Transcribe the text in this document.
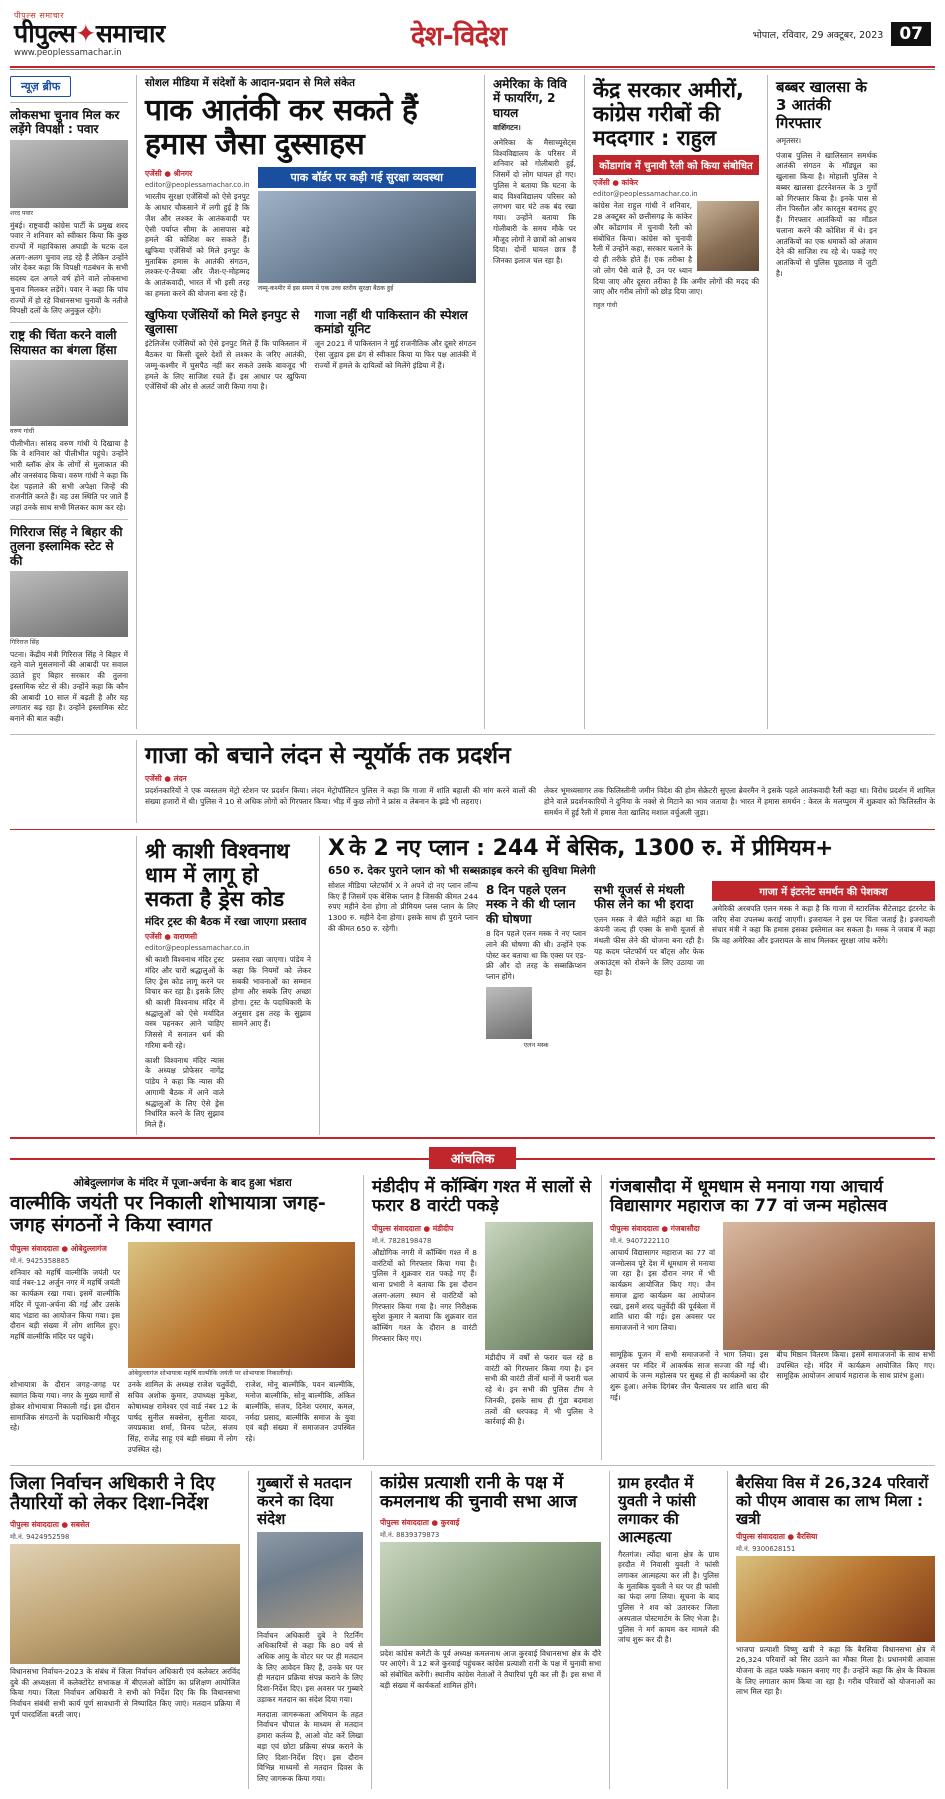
पीपुल्स समाचार
पीपुल्स✦समाचार
www.peoplessamachar.in
देश-विदेश	भोपाल, रविवार, 29 अक्टूबर, 2023 07
न्यूज़ ब्रीफ
लोकसभा चुनाव मिल कर लड़ेंगे विपक्षी : पवार
शरद पवार

मुंबई। राष्ट्रवादी कांग्रेस पार्टी के प्रमुख शरद पवार ने शनिवार को स्वीकार किया कि कुछ राज्यों में महाविकास अघाड़ी के घटक दल अलग-अलग चुनाव लड़ रहे हैं लेकिन उन्होंने जोर देकर कहा कि विपक्षी गठबंधन के सभी सदस्य दल अगले वर्ष होने वाले लोकसभा चुनाव मिलकर लड़ेंगे। पवार ने कहा कि पांच राज्यों में हो रहे विधानसभा चुनावों के नतीजे विपक्षी दलों के लिए अनुकूल रहेंगे।

राष्ट्र की चिंता करने वाली सियासत का बंगला हिंसा
वरुण गांधी

पीलीभीत। सांसद वरुण गांधी ये दिखाया है कि वे शनिवार को पीलीभीत पहुंचे। उन्होंने भारी ब्लॉक क्षेत्र के लोगों से मुलाकात की और जनसंवाद किया। वरुण गांधी ने कहा कि देश पहलाते की सभी अपेक्षा जिन्हें की राजनीति करते हैं। वह उस स्थिति पर जाते हैं जहां उनके साथ सभी मिलकर काम कर रहे।

गिरिराज सिंह ने बिहार की तुलना इस्लामिक स्टेट से की
गिरिराज सिंह

पटना। केंद्रीय मंत्री गिरिराज सिंह ने बिहार में रहने वाले मुसलमानों की आबादी पर सवाल उठाते हुए बिहार सरकार की तुलना इस्लामिक स्टेट से की। उन्होंने कहा कि कौन की आबादी 10 साल में बढ़ती है और यह लगातार बढ़ रहा है। उन्होंने इस्लामिक स्टेट बनाने की बात कही।

सोशल मीडिया में संदेशों के आदान-प्रदान से मिले संकेत
पाक आतंकी कर सकते हैं हमास जैसा दुस्साहस
एजेंसी ● श्रीनगर
editor@peoplessamachar.co.in

भारतीय सुरक्षा एजेंसियों को ऐसे इनपुट के आधार चौकसाने में लगी हुई है कि जैश और लश्कर के आतंकवादी पर ऐसी पर्याप्त सीमा के आसपास बड़े हमले की कोशिश कर सकते हैं। खुफिया एजेंसियों को मिले इनपुट के मुताबिक हमास के आतंकी संगठन, लश्कर-ए-तैयबा और जैश-ए-मोहम्मद के आतंकवादी, भारत में भी इसी तरह का हमला करने की योजना बना रहे हैं।

पाक बॉर्डर पर कड़ी गई सुरक्षा व्यवस्था
जम्मू-कश्मीर में इस समय में एक उच्च स्तरीय सुरक्षा बैठक हुई
खुफिया एजेंसियों को मिले इनपुट से खुलासा

इंटेलिजेंस एजेंसियों को ऐसे इनपुट मिले हैं कि पाकिस्तान में बैठकर या किसी दूसरे देशों से लश्कर के जरिए आतंकी, जम्मू-कश्मीर में घुसपैठ नहीं कर सकते उसके बावजूद भी हमले के लिए साजिश रचते हैं। इस आधार पर खुफिया एजेंसियों की ओर से अलर्ट जारी किया गया है।

गाजा नहीं थी पाकिस्तान की स्पेशल कमांडो यूनिट

जून 2021 में पाकिस्तान ने मुई राजनीतिक और दूसरे संगठन ऐसा जुड़ाव इस ढंग से स्वीकार किया या फिर पक्ष आतंकी में राज्यों में हमले के दायित्वों को मिलेंगे इंडिया में हैं।

अमेरिका के विवि में फायरिंग, 2 घायल

वाशिंगटन।

अमेरिका के मैसाच्यूसेट्स विश्वविद्यालय के परिसर में शनिवार को गोलीबारी हुई, जिसमें दो लोग घायल हो गए। पुलिस ने बताया कि घटना के बाद विश्वविद्यालय परिसर को लगभग चार घंटे तक बंद रखा गया। उन्होंने बताया कि गोलीबारी के समय मौके पर मौजूद लोगों ने छात्रों को आश्रय दिया। दोनों घायल छात्र हैं जिनका इलाज चल रहा है।

केंद्र सरकार अमीरों, कांग्रेस गरीबों की मददगार : राहुल
कोंडागांव में चुनावी रैली को किया संबोधित
एजेंसी ● कांकेर
editor@peoplessamachar.co.in

कांग्रेस नेता राहुल गांधी ने शनिवार, 28 अक्टूबर को छत्तीसगढ़ के कांकेर और कोंडागांव में चुनावी रैली को संबोधित किया। कांग्रेस को चुनावी रैली में उन्होंने कहा, सरकार चलाने के दो ही तरीके होते हैं। एक तरीका है जो लोग पैसे वाले हैं, उन पर ध्यान दिया जाए और दूसरा तरीका है कि अमीर लोगों की मदद की जाए और गरीब लोगों को छोड़ दिया जाए।

राहुल गांधी
बब्बर खालसा के 3 आतंकी गिरफ्तार

अमृतसर।

पंजाब पुलिस ने खालिस्तान समर्थक आतंकी संगठन के मॉड्यूल का खुलासा किया है। मोहाली पुलिस ने बब्बर खालसा इंटरनेशनल के 3 गुर्गों को गिरफ्तार किया है। इनके पास से तीन पिस्तौल और कारतूस बरामद हुए हैं। गिरफ्तार आतंकियों का मॉडल चलाना करने की कोशिश में थे। इन आतंकियों का एक धमाकों को अंजाम देने की साजिश रच रहे थे। पकड़े गए आतंकियों से पुलिस पूछताछ में जुटी है।

गाजा को बचाने लंदन से न्यूयॉर्क तक प्रदर्शन
एजेंसी ● लंदन

प्रदर्शनकारियों ने एक व्यस्ततम मेट्रो स्टेशन पर प्रदर्शन किया। लंदन मेट्रोपॉलिटन पुलिस ने कहा कि गाजा में शांति बहाली की मांग करने वालों की संख्या हजारों में थी। पुलिस ने 10 से अधिक लोगों को गिरफ्तार किया। भीड़ में कुछ लोगों ने फ्रांस व लेबनान के झंडे भी लहराए।

लेकर भूमध्यसागर तक फिलिस्तीनी जमीन विदेश की होम सेक्रेटरी सुएला ब्रेवरमैन ने इसके पहले आतंकवादी रैली कहा था। विरोध प्रदर्शन में शामिल होने वाले प्रदर्शनकारियों ने दुनिया के नक्शे से मिटाने का भाव जताया है। भारत में हमास समर्थन : केरल के मलप्पुरम में शुक्रवार को फिलिस्तीन के समर्थन में हुई रैली में हमास नेता खालिद मशाल वर्चुअली जुड़ा।

श्री काशी विश्वनाथ धाम में लागू हो सकता है ड्रेस कोड
मंदिर ट्रस्ट की बैठक में रखा जाएगा प्रस्ताव
एजेंसी ● वाराणसी
editor@peoplessamachar.co.in

श्री काशी विश्वनाथ मंदिर ट्रस्ट मंदिर और चारों श्रद्धालुओं के लिए ड्रेस कोड लागू करने पर विचार कर रहा है। इसके लिए श्री काशी विश्वनाथ मंदिर में श्रद्धालुओं को ऐसे मर्यादित वस्त्र पहनकर आने चाहिए जिससे में सनातन धर्म की गरिमा बनी रहे।

काशी विश्वनाथ मंदिर न्यास के अध्यक्ष प्रोफेसर नागेंद्र पांडेय ने कहा कि न्यास की आगामी बैठक में आने वाले श्रद्धालुओं के लिए ऐसे ड्रेस निर्धारित करने के लिए सुझाव मिले हैं।

प्रस्ताव रखा जाएगा। पांडेय ने कहा कि नियमों को लेकर सबकी भावनाओं का सम्मान होगा और सबके लिए अच्छा होगा। ट्रस्ट के पदाधिकारी के अनुसार इस तरह के सुझाव सामने आए हैं।

X के 2 नए प्लान : 244 में बेसिक, 1300 रु. में प्रीमियम+
650 रु. देकर पुराने प्लान को भी सब्सक्राइब करने की सुविधा मिलेगी

सोशल मीडिया प्लेटफॉर्म X ने अपने दो नए प्लान लॉन्च किए हैं जिसमें एक बेसिक प्लान है जिसकी कीमत 244 रुपए महीने देना होगा तो प्रीमियम प्लस प्लान के लिए 1300 रु. महीने देना होगा। इसके साथ ही पुराने प्लान की कीमत 650 रु. रहेगी।

8 दिन पहले एलन मस्क ने की थी प्लान की घोषणा

8 दिन पहले एलन मस्क ने नए प्लान लाने की घोषणा की थी। उन्होंने एक पोस्ट कर बताया था कि एक्स पर एड-फ्री और दो तरह के सब्सक्रिप्शन प्लान होंगे।

एलन मस्क
सभी यूजर्स से मंथली फीस लेने का भी इरादा

एलन मस्क ने बीते महीने कहा था कि कंपनी जल्द ही एक्स के सभी यूजर्स से मंथली फीस लेने की योजना बना रही है। यह कदम प्लेटफॉर्म पर बॉट्स और फेक अकाउंट्स को रोकने के लिए उठाया जा रहा है।

गाजा में इंटरनेट समर्थन की पेशकश

अमेरिकी अरबपति एलन मस्क ने कहा है कि गाजा में स्टारलिंक सैटेलाइट इंटरनेट के जरिए सेवा उपलब्ध कराई जाएगी। इजरायल ने इस पर चिंता जताई है। इजरायली संचार मंत्री ने कहा कि हमास इसका इस्तेमाल कर सकता है। मस्क ने जवाब में कहा कि वह अमेरिका और इजरायल के साथ मिलकर सुरक्षा जांच करेंगे।

आंचलिक
ओबेदुल्लागंज के मंदिर में पूजा-अर्चना के बाद हुआ भंडारा
वाल्मीकि जयंती पर निकाली शोभायात्रा जगह-जगह संगठनों ने किया स्वागत
पीपुल्स संवाददाता ● ओबेदुल्लागंज
मो.नं. 9425358885

शनिवार को महर्षि वाल्मीकि जयंती पर वार्ड नंबर-12 अर्जुन नगर में महर्षि जयंती का कार्यक्रम रखा गया। इसमें वाल्मीकि मंदिर में पूजा-अर्चना की गई और उसके बाद भंडारा का आयोजन किया गया। इस दौरान बड़ी संख्या में लोग शामिल हुए। महर्षि वाल्मीकि मंदिर पर पहुंचे।

ओबेदुल्लागंज शोभायात्रा महर्षि वाल्मीकि जयंती पर शोभायात्रा निकालीगई।

शोभायात्रा के दौरान जगह-जगह पर स्वागत किया गया। नगर के मुख्य मार्गों से होकर शोभायात्रा निकाली गई। इस दौरान सामाजिक संगठनों के पदाधिकारी मौजूद रहे।

उनके शामिल के अध्यक्ष राजेश चतुर्वेदी, सचिव अशोक कुमार, उपाध्यक्ष मुकेश, कोषाध्यक्ष रामेश्वर एवं वार्ड नंबर 12 के पार्षद सुनील सक्सेना, सुनीता यादव, जयप्रकाश शर्मा, विनय पटेल, संजय सिंह, राजेंद्र साहू एवं बड़ी संख्या में लोग उपस्थित रहे।

राजेश, मोनू बाल्मीकि, पवन बाल्मीकि, मनोज बाल्मीकि, सोनू बाल्मीकि, अंकित बाल्मीकि, संजय, दिनेश परमार, कमल, नर्मदा प्रसाद, बाल्मीकि समाज के युवा एवं बड़ी संख्या में समाजजन उपस्थित रहे।

मंडीदीप में कॉम्बिंग गश्त में सालों से फरार 8 वारंटी पकड़े
पीपुल्स संवाददाता ● मंडीदीप
मो.नं. 7828198478

औद्योगिक नगरी में कॉम्बिंग गश्त में 8 वारंटियों को गिरफ्तार किया गया है। पुलिस ने शुक्रवार रात पकड़े गए हैं। थाना प्रभारी ने बताया कि इस दौरान अलग-अलग स्थान से वारंटियों को गिरफ्तार किया गया है। नगर निरीक्षक सुरेश कुमार ने बताया कि शुक्रवार रात कॉम्बिंग गश्त के दौरान 8 वारंटी गिरफ्तार किए गए।

मंडीदीप में वर्षों से फरार चल रहे 8 वारंटी को गिरफ्तार किया गया है। इन सभी की वारंटी तीनों थानों में फरारी चल रहे थे। इन सभी की पुलिस टीम ने जिनकी, इसके साथ ही गुंडा बदमाश तत्वों की धरपकड़ में भी पुलिस ने कार्रवाई की है।

गंजबासौदा में धूमधाम से मनाया गया आचार्य विद्यासागर महाराज का 77 वां जन्म महोत्सव
पीपुल्स संवाददाता ● गंजबासौदा
मो.नं. 9407222110

आचार्य विद्यासागर महाराज का 77 वां जन्मोत्सव पूरे देश में धूमधाम से मनाया जा रहा है। इस दौरान नगर में भी कार्यक्रम आयोजित किए गए। जैन समाज द्वारा कार्यक्रम का आयोजन रखा, इसमें शरद चतुर्वेदी की पूर्वबेला में शांति धारा की गई। इस अवसर पर समाजजनों ने भाग लिया।

सामूहिक पूजन में सभी समाजजनों ने भाग लिया। इस अवसर पर मंदिर में आकर्षक साज सज्जा की गई थी। आचार्य के जन्म महोत्सव पर सुबह से ही कार्यक्रमों का दौर शुरू हुआ। अनेक दिगंबर जैन चैत्यालय पर शांति धारा की गई।

बीच मिष्ठान वितरण किया। इसमें समाजजनों के साथ सभी उपस्थित रहे। मंदिर में कार्यक्रम आयोजित किए गए। सामूहिक आयोजन आचार्य महाराज के साथ प्रारंभ हुआ।

जिला निर्वाचन अधिकारी ने दिए तैयारियों को लेकर दिशा-निर्देश
पीपुल्स संवाददाता ● सबसेत
मो.नं. 9424952598

विधानसभा निर्वाचन-2023 के संबंध में जिला निर्वाचन अधिकारी एवं कलेक्टर अरविंद दुबे की अध्यक्षता में कलेक्टोरेट सभाकक्ष में बीएलओ कोडिंग का प्रशिक्षण आयोजित किया गया। जिला निर्वाचन अधिकारी ने सभी को निर्देश दिए कि कि विधानसभा निर्वाचन संबंधी सभी कार्य पूर्ण सावधानी से निष्पादित किए जाएं। मतदान प्रक्रिया में पूर्ण पारदर्शिता बरती जाए।

गुब्बारों से मतदान करने का दिया संदेश

निर्वाचन अधिकारी दुबे ने रिटर्निंग अधिकारियों से कहा कि 80 वर्ष से अधिक आयु के वोटर घर पर ही मतदान के लिए आवेदन किए हैं, उनके घर पर ही मतदान प्रक्रिया संपन्न कराने के लिए दिशा-निर्देश दिए। इस अवसर पर गुब्बारे उड़ाकर मतदान का संदेश दिया गया।

मतदाता जागरूकता अभियान के तहत निर्वाचन चौपाल के माध्यम से मतदान हमारा कर्तव्य है, आओ वोट करें लिखा बड़ा एवं छोटा प्रक्रिया संपन्न कराने के लिए दिशा-निर्देश दिए। इस दौरान विभिन्न माध्यमों से मतदान दिवस के लिए जागरूक किया गया।

कांग्रेस प्रत्याशी रानी के पक्ष में कमलनाथ की चुनावी सभा आज
पीपुल्स संवाददाता ● कुरवाई
मो.नं. 8839379873

प्रदेश कांग्रेस कमेटी के पूर्व अध्यक्ष कमलनाथ आज कुरवाई विधानसभा क्षेत्र के दौरे पर आएंगे। वे 12 बजे कुरवाई पहुंचकर कांग्रेस प्रत्याशी रानी के पक्ष में चुनावी सभा को संबोधित करेंगी। स्थानीय कांग्रेस नेताओं ने तैयारियां पूरी कर ली हैं। इस सभा में बड़ी संख्या में कार्यकर्ता शामिल होंगे।

ग्राम हरदौत में युवती ने फांसी लगाकर की आत्महत्या

गैरतगंज। त्योंदा थाना क्षेत्र के ग्राम हरदौत में निवासी युवती ने फांसी लगाकर आत्महत्या कर ली है। पुलिस के मुताबिक युवती ने घर पर ही फांसी का फंदा लगा लिया। सूचना के बाद पुलिस ने शव को उतारकर जिला अस्पताल पोस्टमार्टम के लिए भेजा है। पुलिस ने मर्ग कायम कर मामले की जांच शुरू कर दी है।

बैरसिया विस में 26,324 परिवारों को पीएम आवास का लाभ मिला : खत्री
पीपुल्स संवाददाता ● बैरसिया
मो.नं. 9300628151

भाजपा प्रत्याशी विष्णु खत्री ने कहा कि बैरसिया विधानसभा क्षेत्र में 26,324 परिवारों को सिर उठाने का मौका मिला है। प्रधानमंत्री आवास योजना के तहत पक्के मकान बनाए गए हैं। उन्होंने कहा कि क्षेत्र के विकास के लिए लगातार काम किया जा रहा है। गरीब परिवारों को योजनाओं का लाभ मिल रहा है।
